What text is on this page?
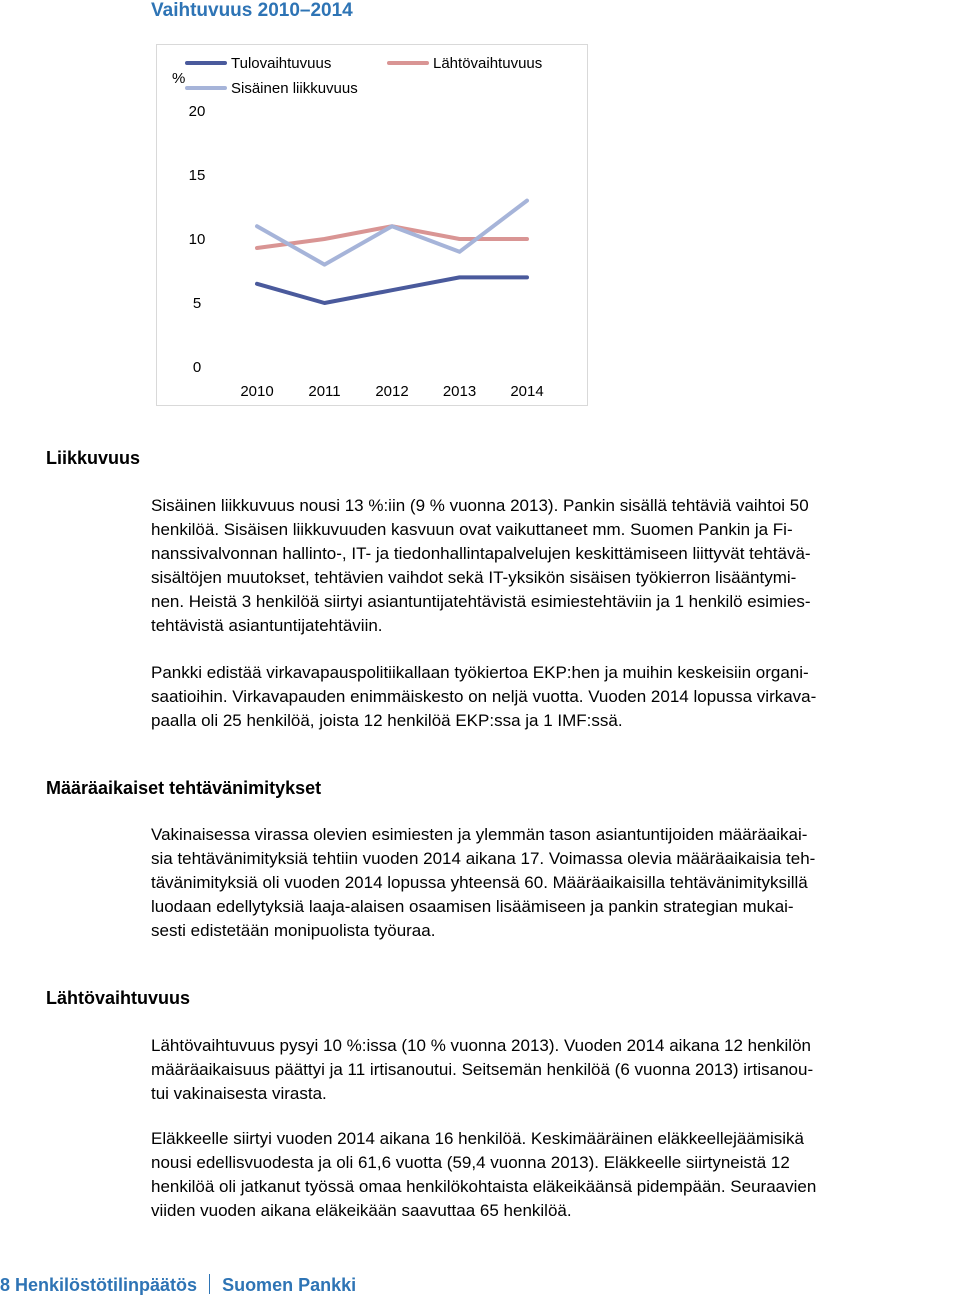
Vaihtuvuus 2010–2014
%
0
5
10
15
20
2010 2011 2012 2013 2014
Tulovaihtuvuus	Lähtövaihtuvuus
Sisäinen liikkuvuus
Liikkuvuus

Sisäinen liikkuvuus nousi 13 %:iin (9 % vuonna 2013). Pankin sisällä tehtäviä vaihtoi 50
henkilöä. Sisäisen liikkuvuuden kasvuun ovat vaikuttaneet mm. Suomen Pankin ja Fi-
nanssivalvonnan hallinto-, IT- ja tiedonhallintapalvelujen keskittämiseen liittyvät tehtävä-
sisältöjen muutokset, tehtävien vaihdot sekä IT-yksikön sisäisen työkierron lisääntymi-
nen. Heistä 3 henkilöä siirtyi asiantuntijatehtävistä esimiestehtäviin ja 1 henkilö esimies-
tehtävistä asiantuntijatehtäviin.

Pankki edistää virkavapauspolitiikallaan työkiertoa EKP:hen ja muihin keskeisiin organi-
saatioihin. Virkavapauden enimmäiskesto on neljä vuotta. Vuoden 2014 lopussa virkava-
paalla oli 25 henkilöä, joista 12 henkilöä EKP:ssa ja 1 IMF:ssä.

Määräaikaiset tehtävänimitykset

Vakinaisessa virassa olevien esimiesten ja ylemmän tason asiantuntijoiden määräaikai-
sia tehtävänimityksiä tehtiin vuoden 2014 aikana 17. Voimassa olevia määräaikaisia teh-
tävänimityksiä oli vuoden 2014 lopussa yhteensä 60. Määräaikaisilla tehtävänimityksillä
luodaan edellytyksiä laaja-alaisen osaamisen lisäämiseen ja pankin strategian mukai-
sesti edistetään monipuolista työuraa.

Lähtövaihtuvuus

Lähtövaihtuvuus pysyi 10 %:issa (10 % vuonna 2013). Vuoden 2014 aikana 12 henkilön
määräaikaisuus päättyi ja 11 irtisanoutui. Seitsemän henkilöä (6 vuonna 2013) irtisanou-
tui vakinaisesta virasta.

Eläkkeelle siirtyi vuoden 2014 aikana 16 henkilöä. Keskimääräinen eläkkeellejäämisikä
nousi edellisvuodesta ja oli 61,6 vuotta (59,4 vuonna 2013). Eläkkeelle siirtyneistä 12
henkilöä oli jatkanut työssä omaa henkilökohtaista eläkeikäänsä pidempään. Seuraavien
viiden vuoden aikana eläkeikään saavuttaa 65 henkilöä.

8 Henkilöstötilinpäätös Suomen Pankki
